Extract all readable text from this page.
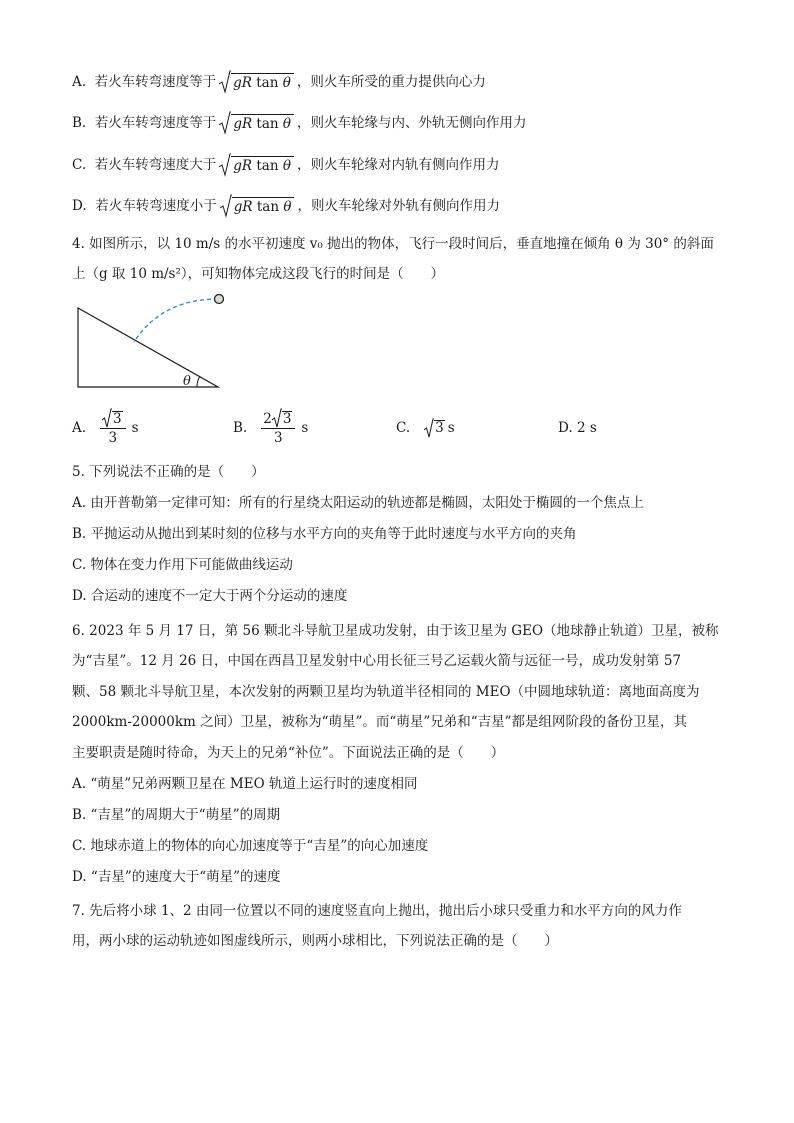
A. 若火车转弯速度等于 gR tan θ ，则火车所受的重力提供向心力
B. 若火车转弯速度等于 gR tan θ ，则火车轮缘与内、外轨无侧向作用力
C. 若火车转弯速度大于 gR tan θ ，则火车轮缘对内轨有侧向作用力
D. 若火车转弯速度小于 gR tan θ ，则火车轮缘对外轨有侧向作用力
4. 如图所示，以 10 m/s 的水平初速度 v₀ 抛出的物体，飞行一段时间后，垂直地撞在倾角 θ 为 30° 的斜面
上（g 取 10 m/s²），可知物体完成这段飞行的时间是（　　）
θ
A. $\frac{3}{3}$ s	B. $\frac{2 3}{3}$ s	C.	3 s	D.
2 s
5. 下列说法不正确的是（　　）
A. 由开普勒第一定律可知：所有的行星绕太阳运动的轨迹都是椭圆，太阳处于椭圆的一个焦点上
B. 平抛运动从抛出到某时刻的位移与水平方向的夹角等于此时速度与水平方向的夹角
C. 物体在变力作用下可能做曲线运动
D. 合运动的速度不一定大于两个分运动的速度
6. 2023 年 5 月 17 日，第 56 颗北斗导航卫星成功发射，由于该卫星为 GEO（地球静止轨道）卫星，被称
为“吉星”。12 月 26 日，中国在西昌卫星发射中心用长征三号乙运载火箭与远征一号，成功发射第 57
颗、58 颗北斗导航卫星，本次发射的两颗卫星均为轨道半径相同的 MEO（中圆地球轨道：离地面高度为
2000km-20000km 之间）卫星，被称为“萌星”。而“萌星”兄弟和“吉星”都是组网阶段的备份卫星，其
主要职责是随时待命，为天上的兄弟“补位”。下面说法正确的是（　　）
A. “萌星”兄弟两颗卫星在 MEO 轨道上运行时的速度相同
B. “吉星”的周期大于“萌星”的周期
C. 地球赤道上的物体的向心加速度等于“吉星”的向心加速度
D. “吉星”的速度大于“萌星”的速度
7. 先后将小球 1、2 由同一位置以不同的速度竖直向上抛出，抛出后小球只受重力和水平方向的风力作
用，两小球的运动轨迹如图虚线所示，则两小球相比，下列说法正确的是（　　）
